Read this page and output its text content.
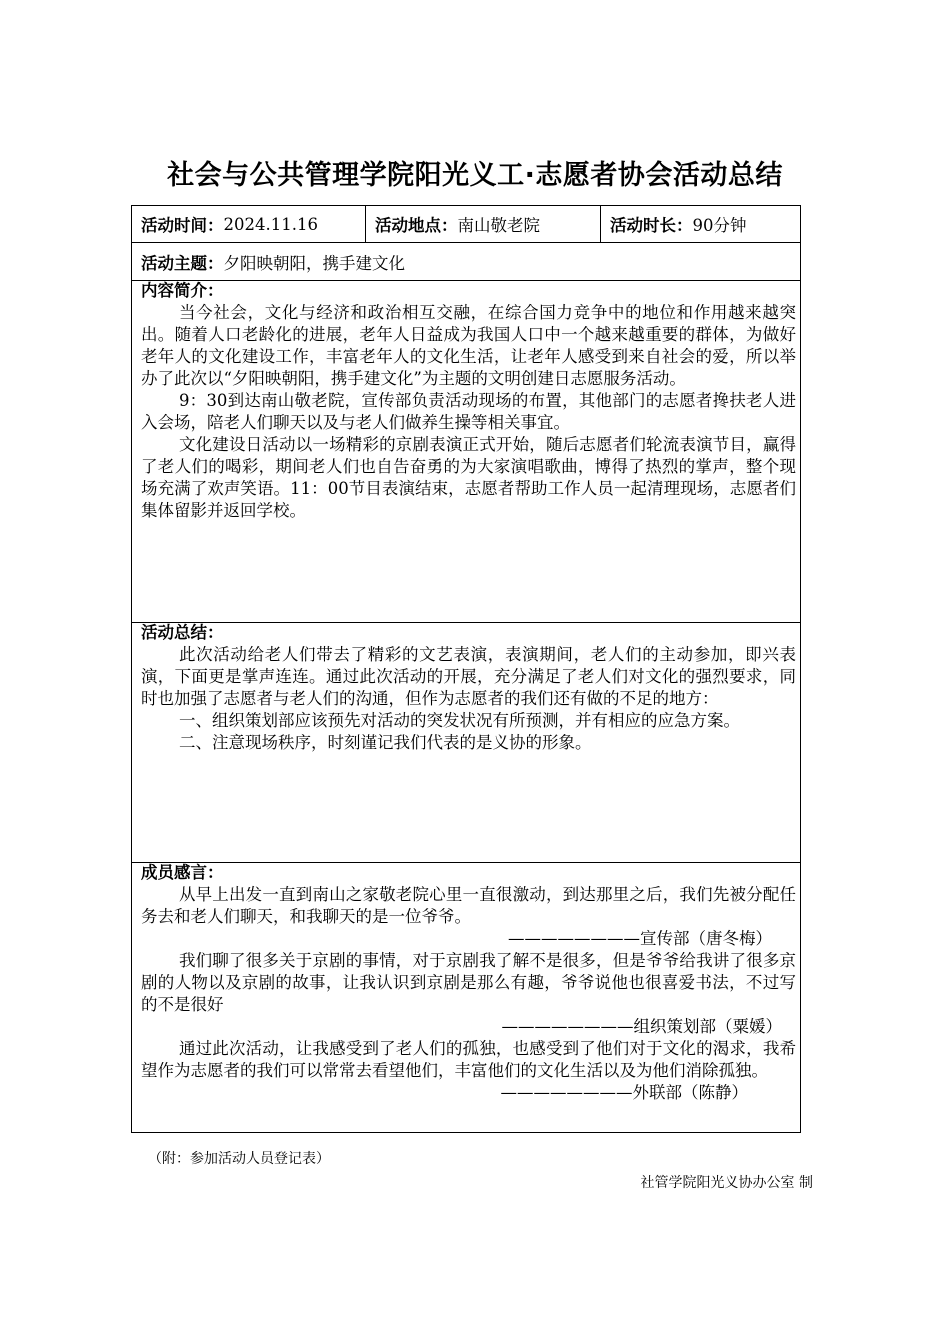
社会与公共管理学院阳光义工·志愿者协会活动总结
活动时间： 2024.11.16	活动地点： 南山敬老院	活动时长： 90分钟
活动主题： 夕阳映朝阳，携手建文化
内容简介：

当今社会，文化与经济和政治相互交融，在综合国力竞争中的地位和作用越来越突出。随着人口老龄化的进展，老年人日益成为我国人口中一个越来越重要的群体，为做好老年人的文化建设工作，丰富老年人的文化生活，让老年人感受到来自社会的爱，所以举办了此次以“夕阳映朝阳，携手建文化”为主题的文明创建日志愿服务活动。

9：30到达南山敬老院，宣传部负责活动现场的布置，其他部门的志愿者搀扶老人进入会场，陪老人们聊天以及与老人们做养生操等相关事宜。

文化建设日活动以一场精彩的京剧表演正式开始，随后志愿者们轮流表演节目，赢得了老人们的喝彩，期间老人们也自告奋勇的为大家演唱歌曲，博得了热烈的掌声，整个现场充满了欢声笑语。11：00节目表演结束，志愿者帮助工作人员一起清理现场，志愿者们集体留影并返回学校。

活动总结：

此次活动给老人们带去了精彩的文艺表演，表演期间，老人们的主动参加，即兴表演，下面更是掌声连连。通过此次活动的开展，充分满足了老人们对文化的强烈要求，同时也加强了志愿者与老人们的沟通，但作为志愿者的我们还有做的不足的地方：

一、组织策划部应该预先对活动的突发状况有所预测，并有相应的应急方案。

二、注意现场秩序，时刻谨记我们代表的是义协的形象。

成员感言：

从早上出发一直到南山之家敬老院心里一直很激动，到达那里之后，我们先被分配任务去和老人们聊天，和我聊天的是一位爷爷。

————————宣传部（唐冬梅）

我们聊了很多关于京剧的事情，对于京剧我了解不是很多，但是爷爷给我讲了很多京剧的人物以及京剧的故事，让我认识到京剧是那么有趣，爷爷说他也很喜爱书法，不过写的不是很好

————————组织策划部（粟媛）

通过此次活动，让我感受到了老人们的孤独，也感受到了他们对于文化的渴求，我希望作为志愿者的我们可以常常去看望他们，丰富他们的文化生活以及为他们消除孤独。

————————外联部（陈静）

（附：参加活动人员登记表）
社管学院阳光义协办公室 制
